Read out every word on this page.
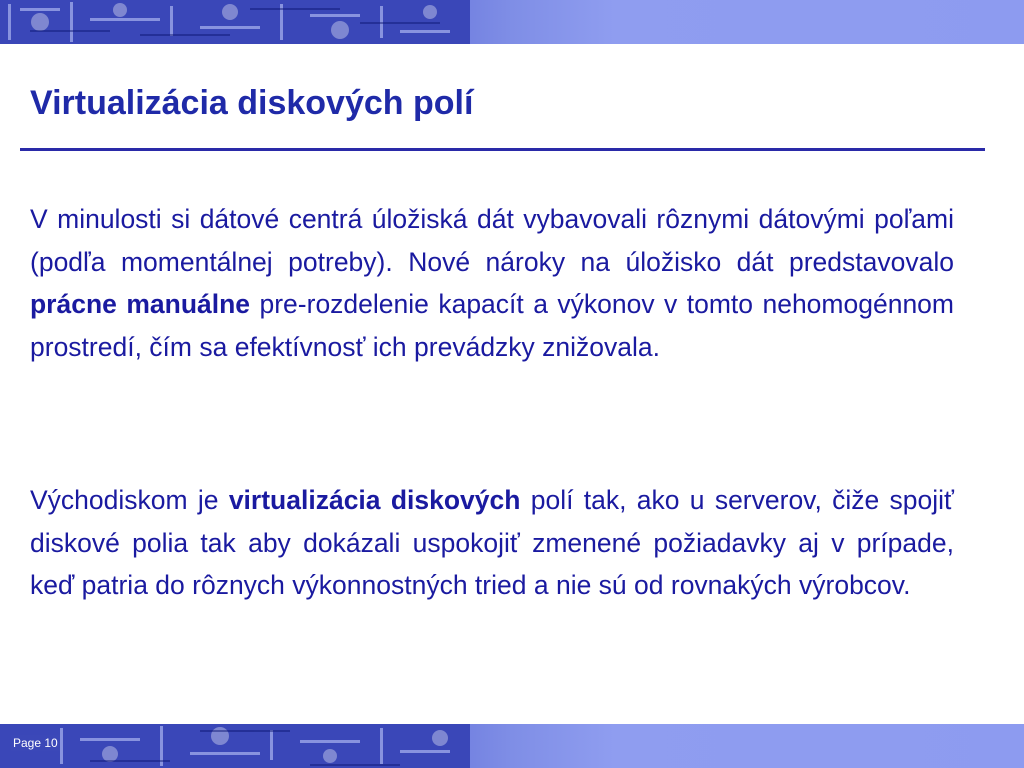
Virtualizácia diskových polí

V minulosti si dátové centrá úložiská dát vybavovali rôznymi dátovými poľami (podľa momentálnej potreby). Nové nároky na úložisko dát predstavovalo prácne manuálne pre-rozdelenie kapacít a výkonov v tomto nehomogénnom prostredí, čím sa efektívnosť ich prevádzky znižovala.

Východiskom je virtualizácia diskových polí tak, ako u serverov, čiže spojiť diskové polia tak aby dokázali uspokojiť zmenené požiadavky aj v prípade, keď patria do rôznych výkonnostných tried a nie sú od rovnakých výrobcov.

Page 10
